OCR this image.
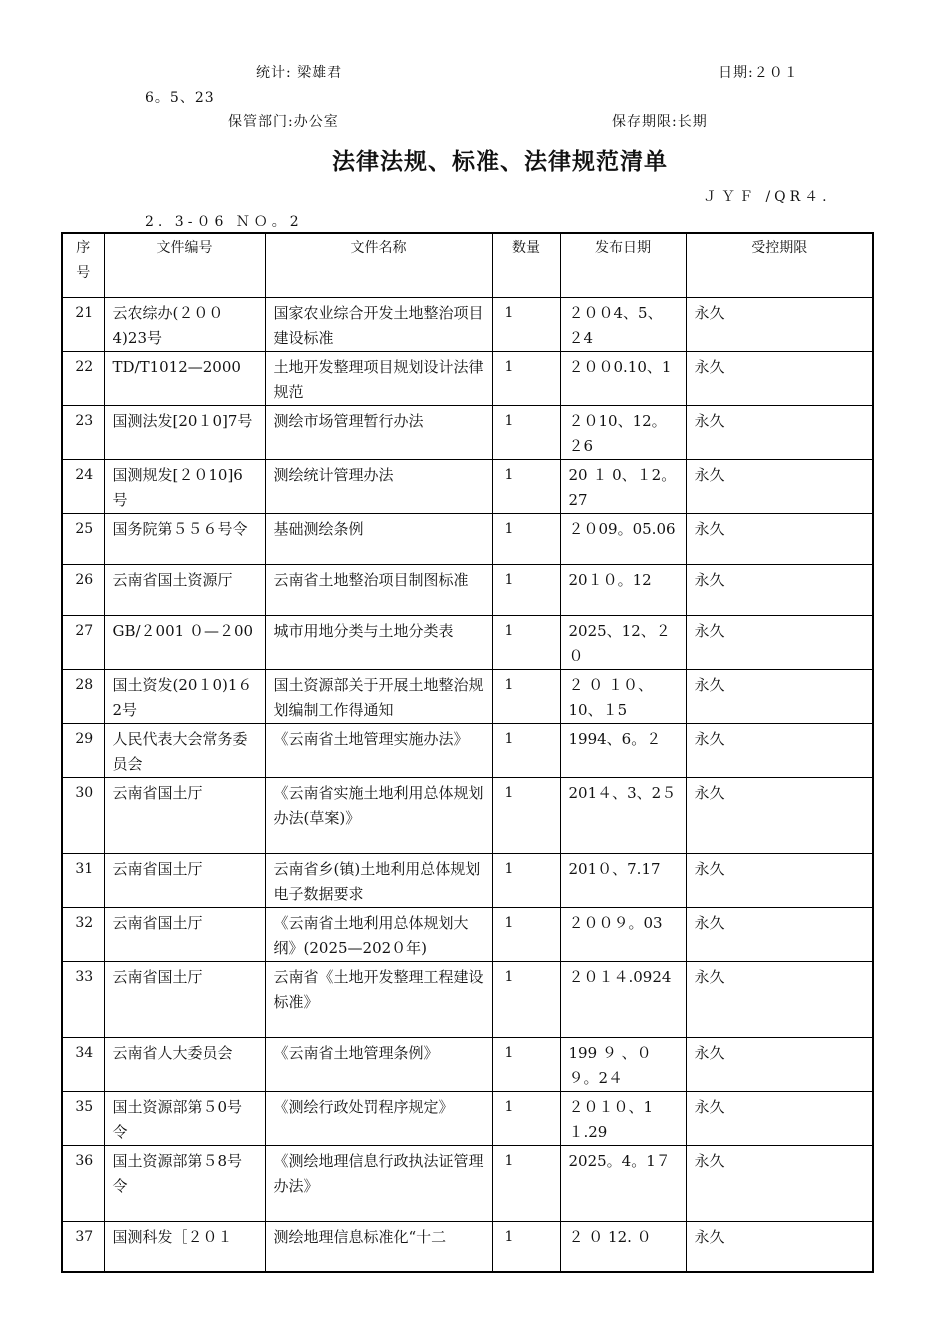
统计: 梁雄君	日期:２０１
6。5、23
保管部门:办公室	保存期限:长期
法律法规、标准、法律规范清单
ＪＹＦ /QR４.
2. 3-０6 ＮＯ。2
序号	文件编号	文件名称	数量	发布日期	受控期限
21	云农综办(２００4)23号	国家农业综合开发土地整治项目建设标准	1	２００4、5、２4	永久
22	TD/T1012—2000	土地开发整理项目规划设计法律规范	1	２００0.10、1	永久
23	国测法发[20１0]7号	测绘市场管理暂行办法	1	２０10、12。２6	永久
24	国测规发[２０10]6号	测绘统计管理办法	1	20 １ 0、１2。27	永久
25	国务院第５５６号令	基础测绘条例	1	２０09。05.06	永久
26	云南省国土资源厅	云南省土地整治项目制图标准	1	20１０。12	永久
27	GB/２001 ０—２00	城市用地分类与土地分类表	1	2025、12、２０	永久
28	国土资发(20１0)1６2号	国土资源部关于开展土地整治规划编制工作得通知	1	２ ０ １０、10、１5	永久
29	人民代表大会常务委员会	《云南省土地管理实施办法》	1	1994、6。２	永久
30	云南省国土厅	《云南省实施土地利用总体规划办法(草案)》	1	201４、3、2５	永久
31	云南省国土厅	云南省乡(镇)土地利用总体规划电子数据要求	1	201０、7.17	永久
32	云南省国土厅	《云南省土地利用总体规划大纲》(2025—202０年)	1	２００９。03	永久
33	云南省国土厅	云南省《土地开发整理工程建设标准》	1	２０１４.0924	永久
34	云南省人大委员会	《云南省土地管理条例》	1	199 ９ 、０９。2４	永久
35	国土资源部第５0号令	《测绘行政处罚程序规定》	1	２０１０、1１.29	永久
36	国土资源部第５8号令	《测绘地理信息行政执法证管理办法》	1	2025。4。1７	永久
37	国测科发［２０１	测绘地理信息标准化“十二	1	２ ０ 12. ０	永久
